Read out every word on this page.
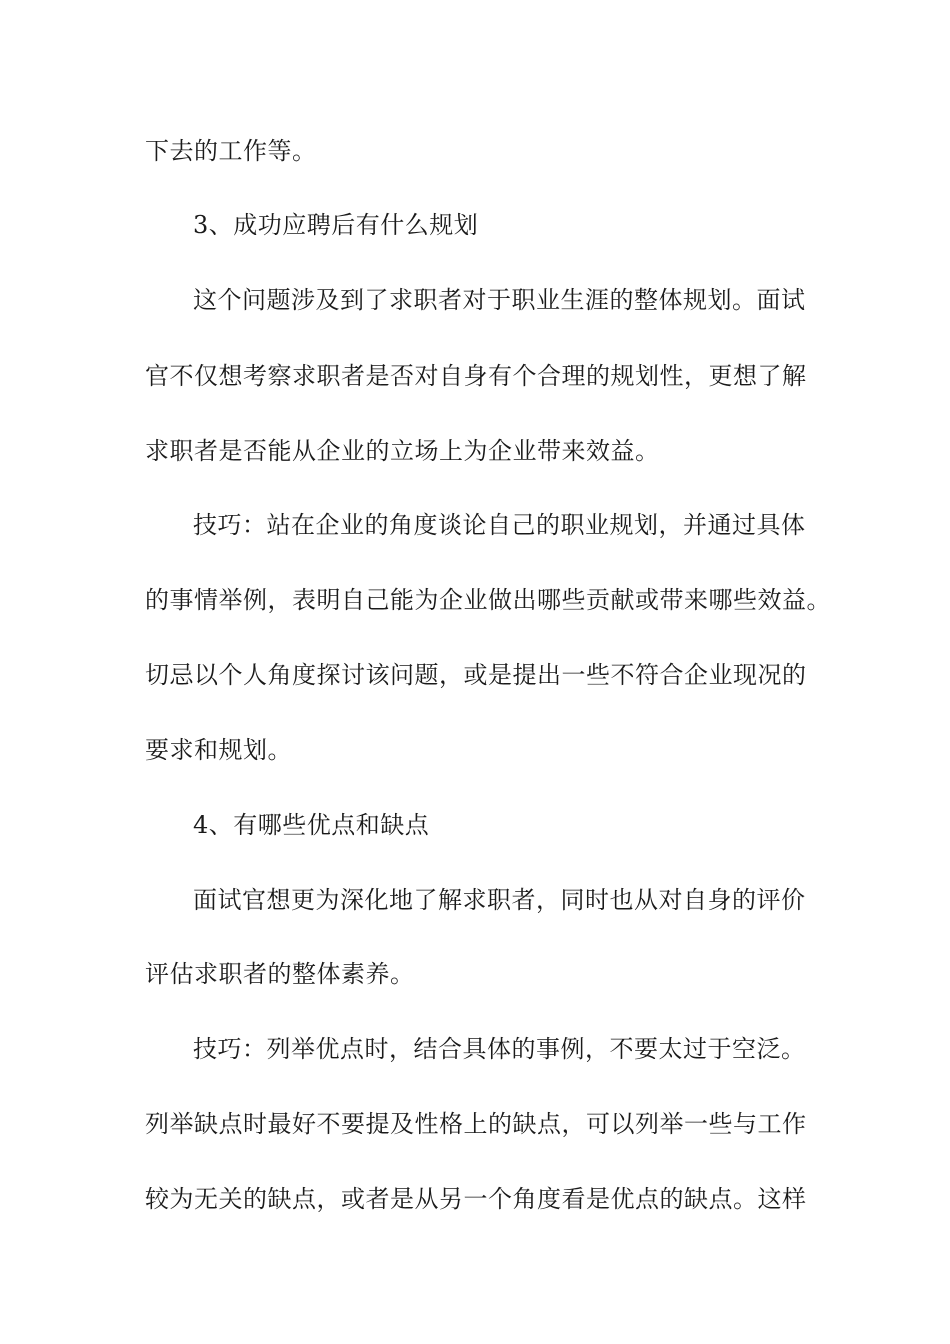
下去的工作等。
3、成功应聘后有什么规划
这个问题涉及到了求职者对于职业生涯的整体规划。面试
官不仅想考察求职者是否对自身有个合理的规划性，更想了解
求职者是否能从企业的立场上为企业带来效益。
技巧：站在企业的角度谈论自己的职业规划，并通过具体
的事情举例，表明自己能为企业做出哪些贡献或带来哪些效益。
切忌以个人角度探讨该问题，或是提出一些不符合企业现况的
要求和规划。
4、有哪些优点和缺点
面试官想更为深化地了解求职者，同时也从对自身的评价
评估求职者的整体素养。
技巧：列举优点时，结合具体的事例，不要太过于空泛。
列举缺点时最好不要提及性格上的缺点，可以列举一些与工作
较为无关的缺点，或者是从另一个角度看是优点的缺点。这样
